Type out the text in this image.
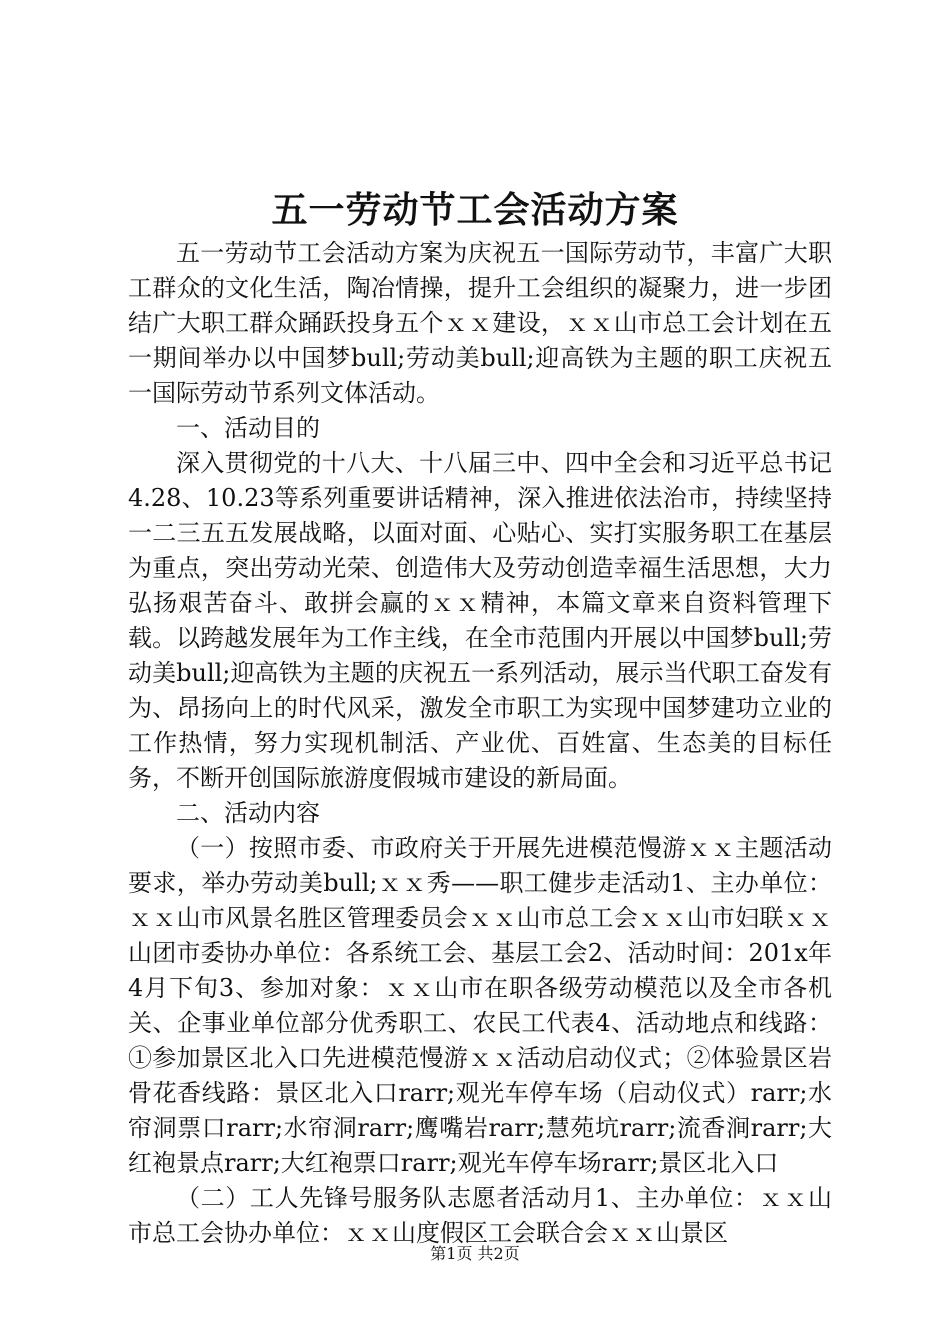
五一劳动节工会活动方案

五一劳动节工会活动方案为庆祝五一国际劳动节，丰富广大职工群众的文化生活，陶冶情操，提升工会组织的凝聚力，进一步团结广大职工群众踊跃投身五个ｘｘ建设，ｘｘ山市总工会计划在五一期间举办以中国梦bull;劳动美bull;迎高铁为主题的职工庆祝五一国际劳动节系列文体活动。

一、活动目的

深入贯彻党的十八大、十八届三中、四中全会和习近平总书记4.28、10.23等系列重要讲话精神，深入推进依法治市，持续坚持一二三五五发展战略，以面对面、心贴心、实打实服务职工在基层为重点，突出劳动光荣、创造伟大及劳动创造幸福生活思想，大力弘扬艰苦奋斗、敢拼会赢的ｘｘ精神，本篇文章来自资料管理下载。以跨越发展年为工作主线，在全市范围内开展以中国梦bull;劳动美bull;迎高铁为主题的庆祝五一系列活动，展示当代职工奋发有为、昂扬向上的时代风采，激发全市职工为实现中国梦建功立业的工作热情，努力实现机制活、产业优、百姓富、生态美的目标任务，不断开创国际旅游度假城市建设的新局面。

二、活动内容

（一）按照市委、市政府关于开展先进模范慢游ｘｘ主题活动要求，举办劳动美bull;ｘｘ秀——职工健步走活动1、主办单位：ｘｘ山市风景名胜区管理委员会ｘｘ山市总工会ｘｘ山市妇联ｘｘ山团市委协办单位：各系统工会、基层工会2、活动时间：201x年4月下旬3、参加对象：ｘｘ山市在职各级劳动模范以及全市各机关、企事业单位部分优秀职工、农民工代表4、活动地点和线路：①参加景区北入口先进模范慢游ｘｘ活动启动仪式；②体验景区岩骨花香线路：景区北入口rarr;观光车停车场（启动仪式）rarr;水帘洞票口rarr;水帘洞rarr;鹰嘴岩rarr;慧苑坑rarr;流香涧rarr;大红袍景点rarr;大红袍票口rarr;观光车停车场rarr;景区北入口

（二）工人先锋号服务队志愿者活动月1、主办单位：ｘｘ山市总工会协办单位：ｘｘ山度假区工会联合会ｘｘ山景区

第1页 共2页
